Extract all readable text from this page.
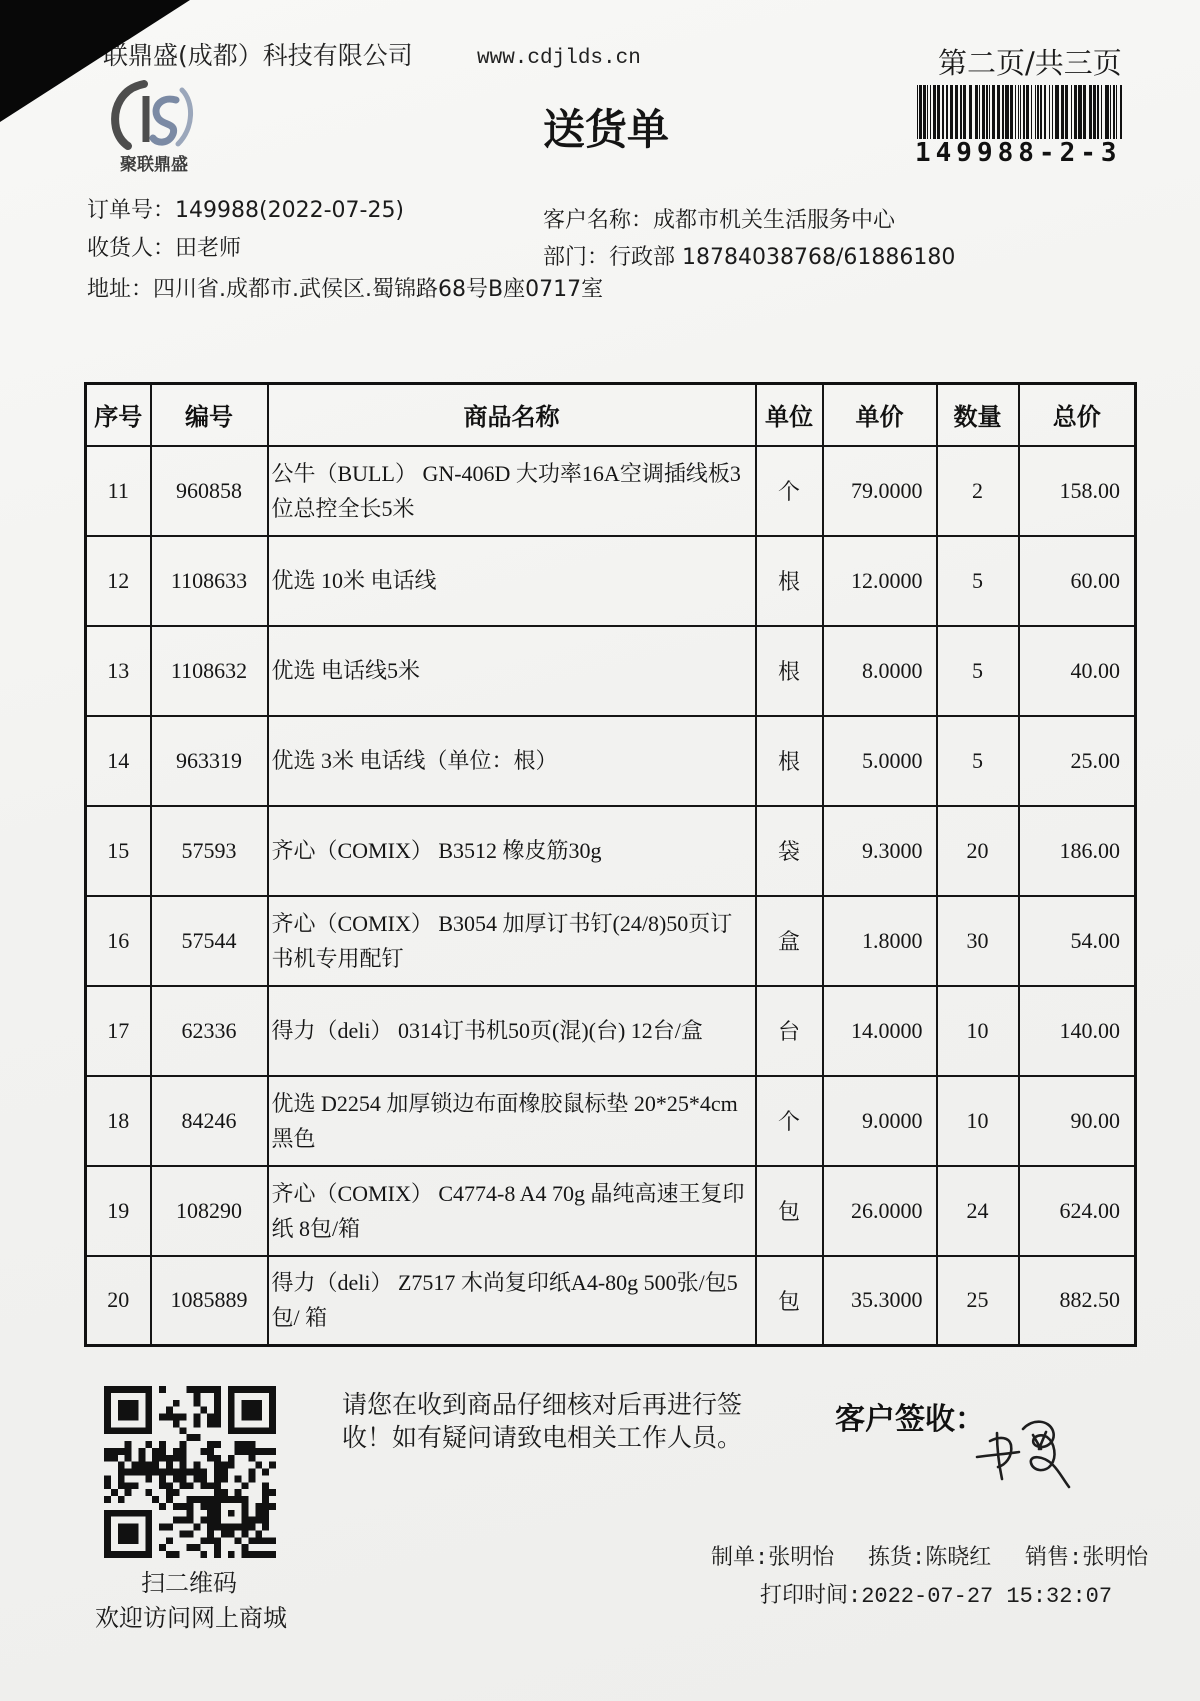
联鼎盛(成都）科技有限公司	www.cdjlds.cn	第二页/共三页
149988-2-3
聚联鼎盛
送货单
订单号：149988(2022-07-25)
收货人：田老师
地址：四川省.成都市.武侯区.蜀锦路68号B座0717室
客户名称：成都市机关生活服务中心
部门：行政部 18784038768/61886180
序号	编号	商品名称	单位	单价	数量	总价
11	960858	公牛（BULL） GN-406D 大功率16A空调插线板3位总控全长5米	个	79.0000	2	158.00
12	1108633	优选 10米 电话线	根	12.0000	5	60.00
13	1108632	优选 电话线5米	根	8.0000	5	40.00
14	963319	优选 3米 电话线（单位：根）	根	5.0000	5	25.00
15	57593	齐心（COMIX） B3512 橡皮筋30g	袋	9.3000	20	186.00
16	57544	齐心（COMIX） B3054 加厚订书钉(24/8)50页订书机专用配钉	盒	1.8000	30	54.00
17	62336	得力（deli） 0314订书机50页(混)(台) 12台/盒	台	14.0000	10	140.00
18	84246	优选 D2254 加厚锁边布面橡胶鼠标垫 20*25*4cm黑色	个	9.0000	10	90.00
19	108290	齐心（COMIX） C4774-8 A4 70g 晶纯高速王复印纸 8包/箱	包	26.0000	24	624.00
20	1085889	得力（deli） Z7517 木尚复印纸A4-80g 500张/包5包/ 箱	包	35.3000	25	882.50
扫二维码
欢迎访问网上商城
请您在收到商品仔细核对后再进行签收！如有疑问请致电相关工作人员。
客户签收：
制单:张明怡 拣货:陈晓红 销售:张明怡
打印时间:2022-07-27 15:32:07
